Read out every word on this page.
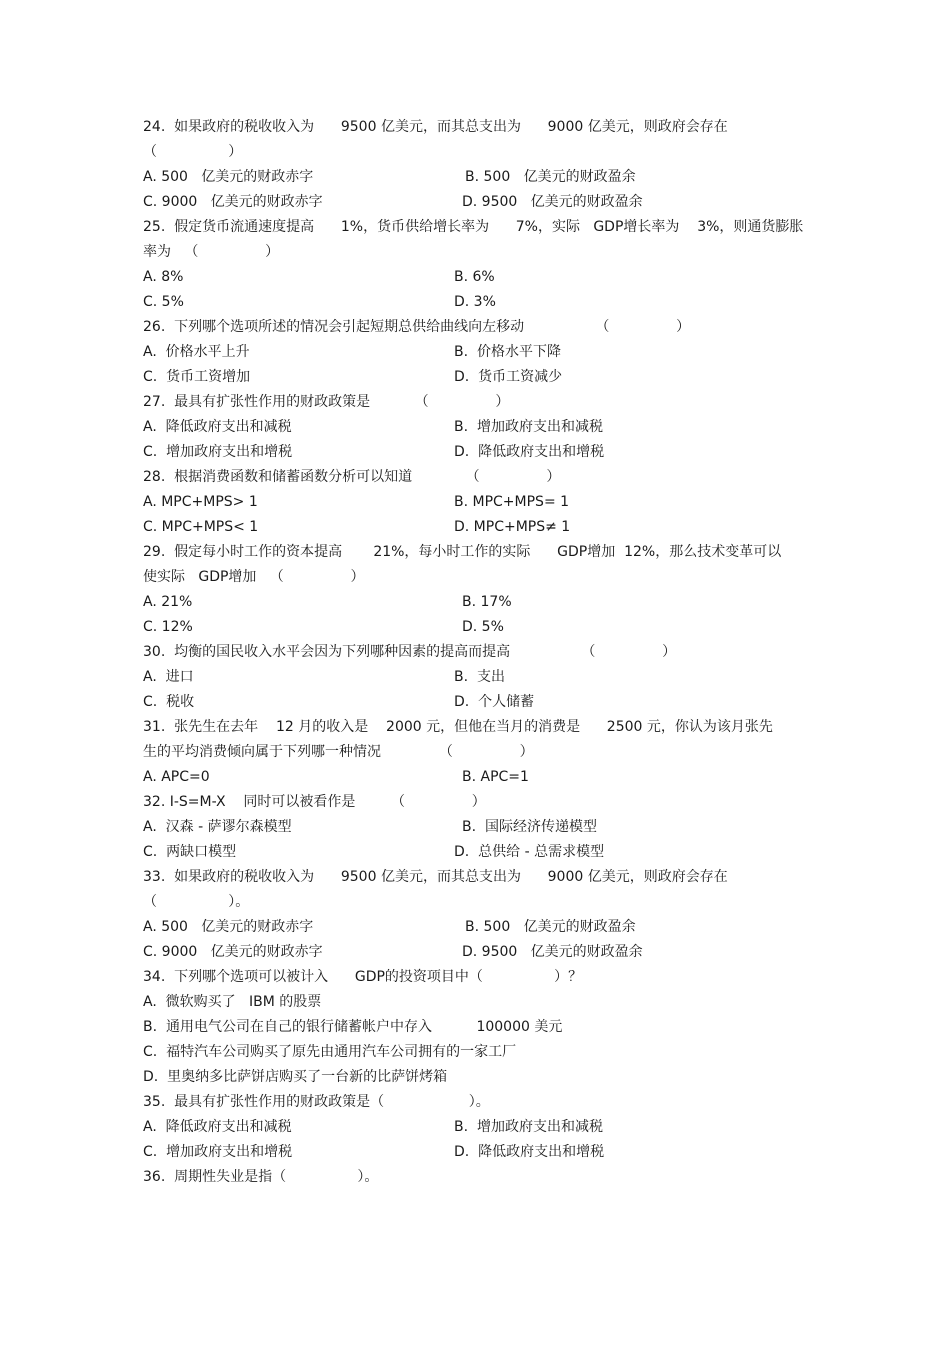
24.  如果政府的税收收入为      9500 亿美元，而其总支出为      9000 亿美元，则政府会存在
（                ）
A. 500   亿美元的财政赤字	B. 500   亿美元的财政盈余
C. 9000   亿美元的财政赤字	D. 9500   亿美元的财政盈余
25.  假定货币流通速度提高      1%，货币供给增长率为      7%，实际   GDP增长率为    3%，则通货膨胀
率为   （               ）
A. 8%	B. 6%
C. 5%	D. 3%
26.  下列哪个选项所述的情况会引起短期总供给曲线向左移动                （               ）
A.  价格水平上升	B.  价格水平下降
C.  货币工资增加	D.  货币工资减少
27.  最具有扩张性作用的财政政策是          （               ）
A.  降低政府支出和减税	B.  增加政府支出和减税
C.  增加政府支出和增税	D.  降低政府支出和增税
28.  根据消费函数和储蓄函数分析可以知道            （               ）
A. MPC+MPS> 1	B. MPC+MPS= 1
C. MPC+MPS< 1	D. MPC+MPS≠ 1
29.  假定每小时工作的资本提高       21%，每小时工作的实际      GDP增加  12%，那么技术变革可以
使实际   GDP增加   （               ）
A. 21%	B. 17%
C. 12%	D. 5%
30.  均衡的国民收入水平会因为下列哪种因素的提高而提高                （               ）
A.  进口	B.  支出
C.  税收	D.  个人储蓄
31.  张先生在去年    12 月的收入是    2000 元，但他在当月的消费是      2500 元，你认为该月张先
生的平均消费倾向属于下列哪一种情况             （               ）
A. APC=0	B. APC=1
32. I-S=M-X    同时可以被看作是        （               ）
A.  汉森 - 萨谬尔森模型	B.  国际经济传递模型
C.  两缺口模型	D.  总供给 - 总需求模型
33.  如果政府的税收收入为      9500 亿美元，而其总支出为      9000 亿美元，则政府会存在
（                ）。
A. 500   亿美元的财政赤字	B. 500   亿美元的财政盈余
C. 9000   亿美元的财政赤字	D. 9500   亿美元的财政盈余
34.  下列哪个选项可以被计入      GDP的投资项目中（                ）？
A.  微软购买了   IBM 的股票
B.  通用电气公司在自己的银行储蓄帐户中存入          100000 美元
C.  福特汽车公司购买了原先由通用汽车公司拥有的一家工厂
D.  里奥纳多比萨饼店购买了一台新的比萨饼烤箱
35.  最具有扩张性作用的财政政策是（                   ）。
A.  降低政府支出和减税	B.  增加政府支出和减税
C.  增加政府支出和增税	D.  降低政府支出和增税
36.  周期性失业是指（                ）。
